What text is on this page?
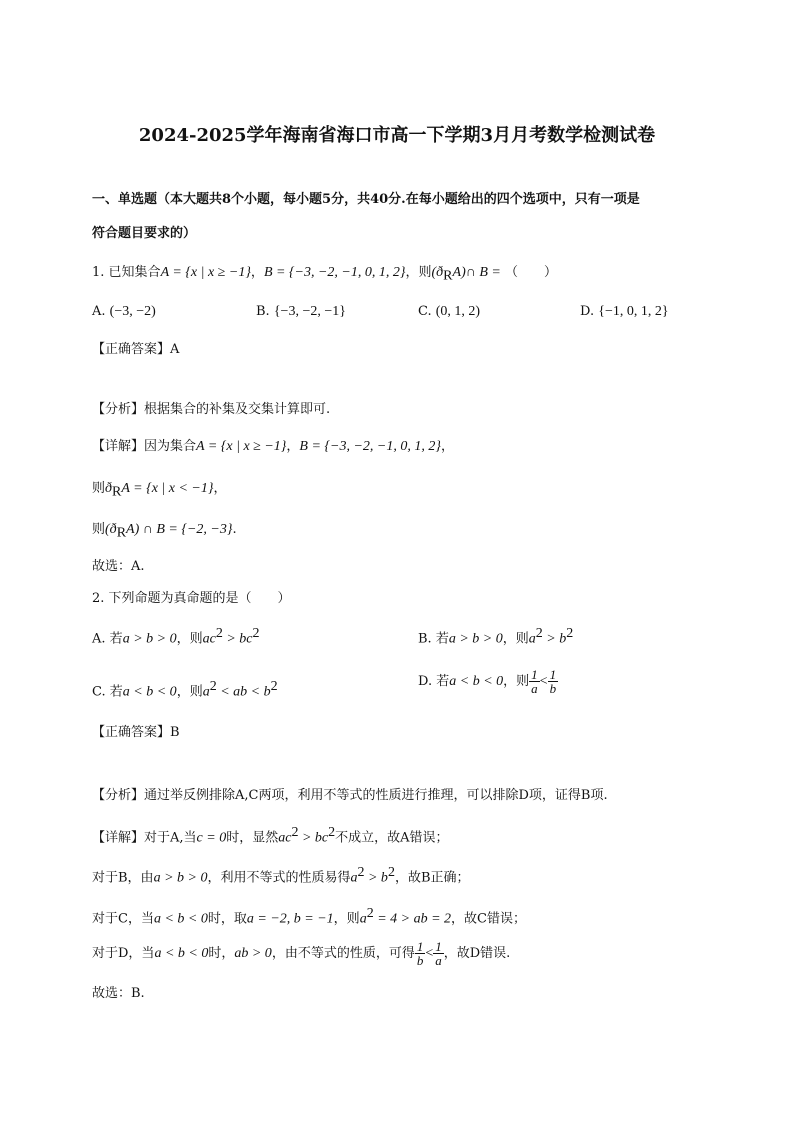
2024-2025学年海南省海口市高一下学期3月月考数学检测试卷
一、单选题（本大题共8个小题，每小题5分，共40分.在每小题给出的四个选项中，只有一项是
符合题目要求的）
1. 已知集合A = {x | x ≥ −1}，B = {−3, −2, −1, 0, 1, 2}，则$(ð_RA)\cap$ B = （　　）
A. (−3, −2)	B. {−3, −2, −1}	C. (0, 1, 2)	D. {−1, 0, 1, 2}
【正确答案】A
【分析】根据集合的补集及交集计算即可.
【详解】因为集合A = {x | x ≥ −1}，B = {−3, −2, −1, 0, 1, 2}，
则$ð_RA = \{x$ | x < −1}，
则$(ð_RA)$ ∩ B = {−2, −3}.
故选：A.
2. 下列命题为真命题的是（　　）
A. 若a > b > 0，则$ac^2 > bc^2$	B. 若a > b > 0，则$a^2 > b^2$
C. 若a < b < 0，则$a^2$ < ab < $b^2$	D. 若a < b < 0，则 $\frac{1}{a} < \frac{1}{b}$
【正确答案】B
【分析】通过举反例排除A,C两项，利用不等式的性质进行推理，可以排除D项，证得B项.
【详解】对于A,当c = 0时，显然$ac^2 > bc^2$不成立，故A错误；
对于B，由a > b > 0，利用不等式的性质易得$a^2 > b^2$，故B正确；
对于C，当a < b < 0时，取a = −2, b = −1，则$a^2 = 4$ > ab = 2，故C错误；
对于D，当a < b < 0时，ab > 0，由不等式的性质，可得 $\frac{1}{b} < \frac{1}{a}$ ，故D错误.
故选：B.
